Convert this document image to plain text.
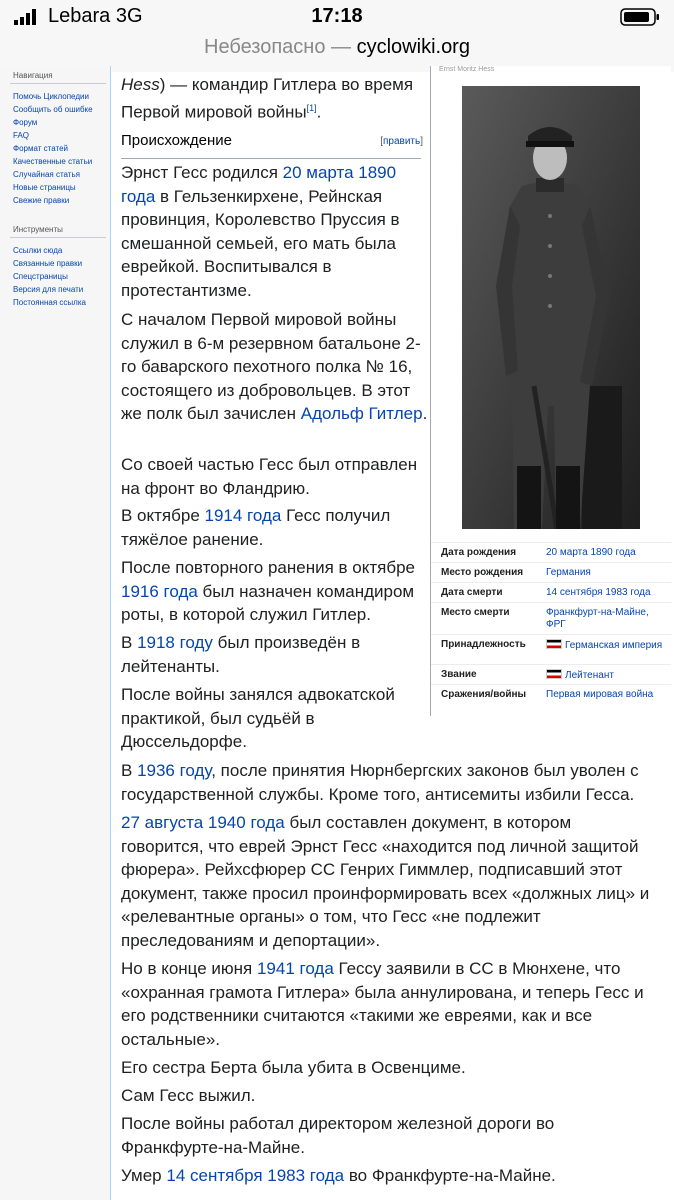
Lebara 3G	17:18
Небезопасно — cyclowiki.org
Навигация
Помочь Циклопедии
Сообщить об ошибке
Форум
FAQ
Формат статей
Качественные статьи
Случайная статья
Новые страницы
Свежие правки
Инструменты
Ссылки сюда
Связанные правки
Спецстраницы
Версия для печати
Постоянная ссылка

Hess) — командир Гитлера во время Первой мировой войны[1].

Происхождение	[править]

Эрнст Гесс родился 20 марта 1890 года в Гельзенкирхене, Рейнская провинция, Королевство Пруссия в смешанной семьей, его мать была еврейкой. Воспитывался в протестантизме.

С началом Первой мировой войны служил в 6-м резервном батальоне 2-го баварского пехотного полка № 16, состоящего из добровольцев. В этот же полк был зачислен Адольф Гитлер.

Со своей частью Гесс был отправлен на фронт во Фландрию.

В октябре 1914 года Гесс получил тяжёлое ранение.

После повторного ранения в октябре 1916 года был назначен командиром роты, в которой служил Гитлер.

В 1918 году был произведён в лейтенанты.

После войны занялся адвокатской практикой, был судьёй в Дюссельдорфе.

В 1936 году, после принятия Нюрнбергских законов был уволен с государственной службы. Кроме того, антисемиты избили Гесса.

27 августа 1940 года был составлен документ, в котором говорится, что еврей Эрнст Гесс «находится под личной защитой фюрера». Рейхсфюрер СС Генрих Гиммлер, подписавший этот документ, также просил проинформировать всех «должных лиц» и «релевантные органы» о том, что Гесс «не подлежит преследованиям и депортации».

Но в конце июня 1941 года Гессу заявили в СС в Мюнхене, что «охранная грамота Гитлера» была аннулирована, и теперь Гесс и его родственники считаются «такими же евреями, как и все остальные».

Его сестра Берта была убита в Освенциме.

Сам Гесс выжил.

После войны работал директором железной дороги во Франкфурте-на-Майне.

Умер 14 сентября 1983 года во Франкфурте-на-Майне.

Ernst Moritz Hess
Дата рождения	20 марта 1890 года
Место рождения	Германия
Дата смерти	14 сентября 1983 года
Место смерти	Франкфурт-на-Майне, ФРГ
Принадлежность	Германская империя
Звание	Лейтенант
Сражения/войны	Первая мировая война
